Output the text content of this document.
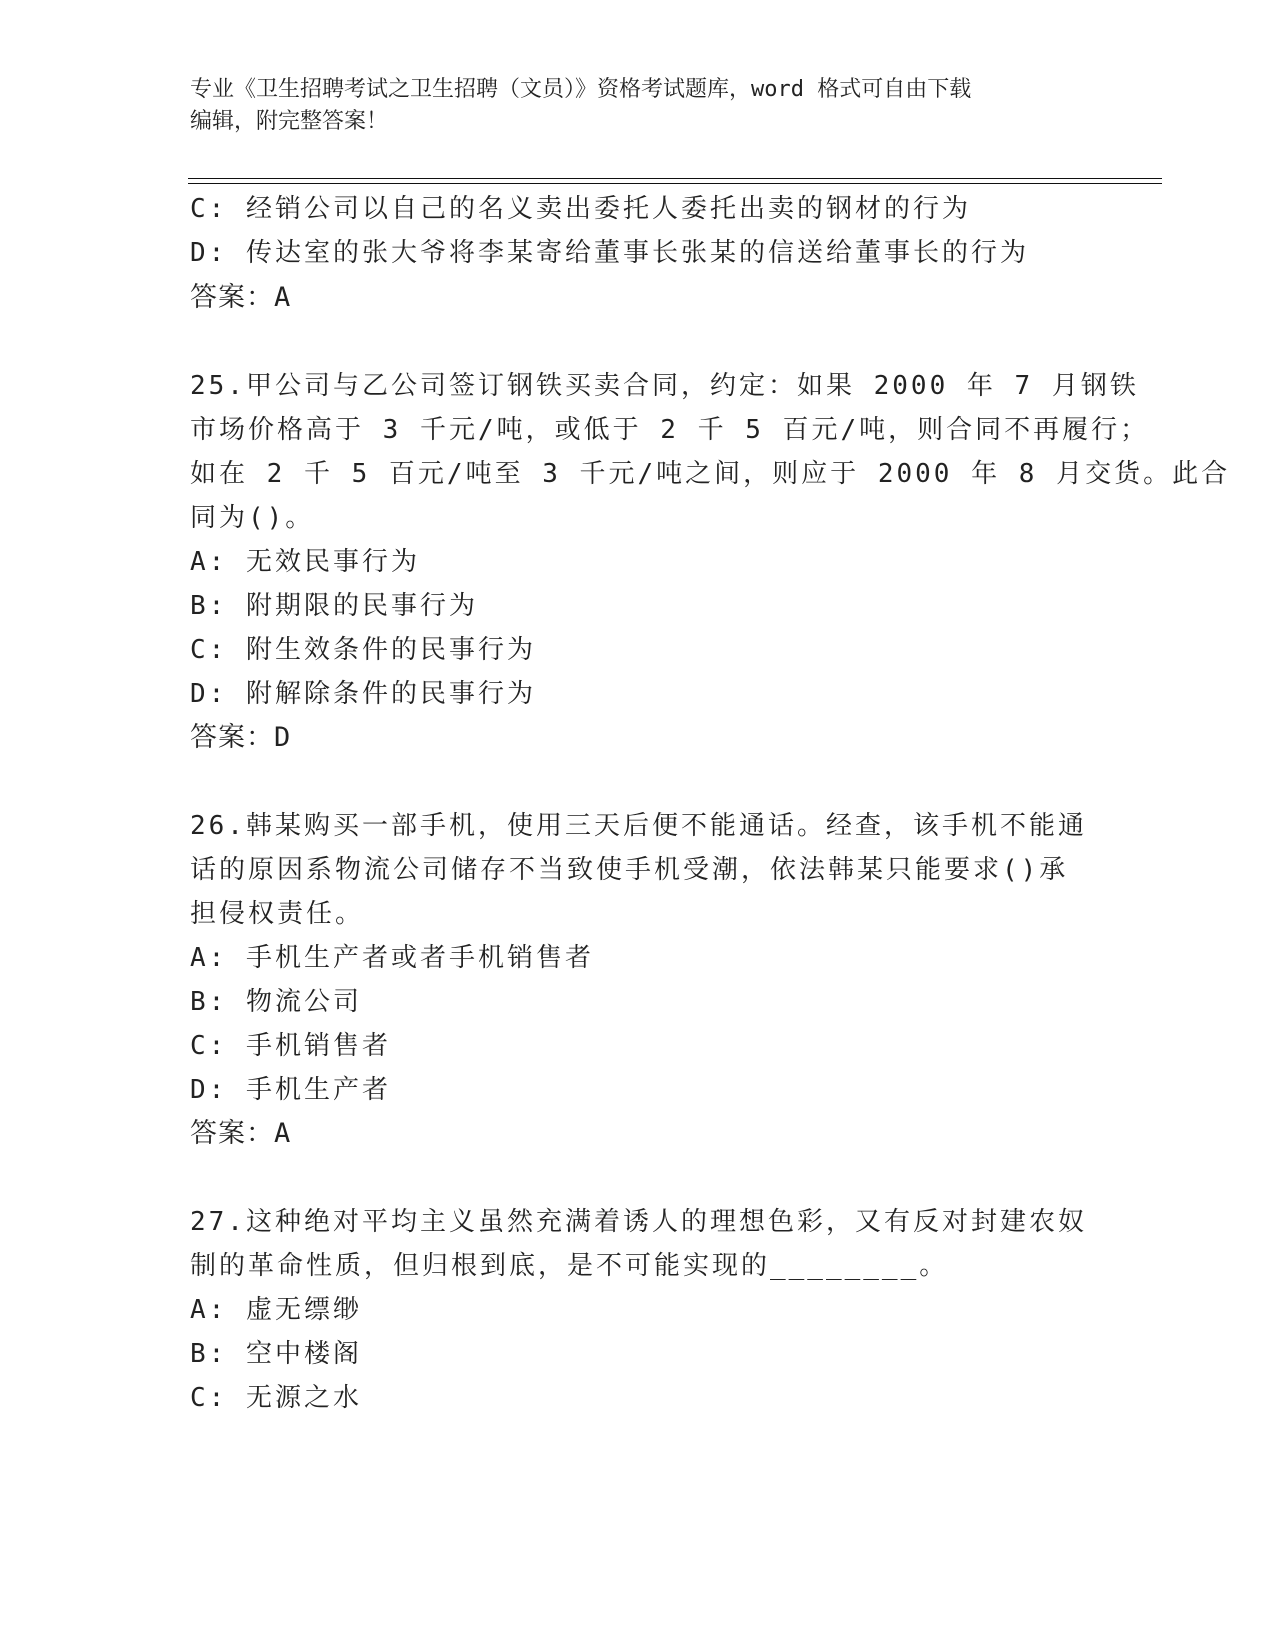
专业《卫生招聘考试之卫生招聘（文员）》资格考试题库，word 格式可自由下载
编辑，附完整答案！
C: 经销公司以自己的名义卖出委托人委托出卖的钢材的行为
D: 传达室的张大爷将李某寄给董事长张某的信送给董事长的行为
答案：A
25.甲公司与乙公司签订钢铁买卖合同，约定：如果 2000 年 7 月钢铁
市场价格高于 3 千元/吨，或低于 2 千 5 百元/吨，则合同不再履行；
如在 2 千 5 百元/吨至 3 千元/吨之间，则应于 2000 年 8 月交货。此合
同为()。
A: 无效民事行为
B: 附期限的民事行为
C: 附生效条件的民事行为
D: 附解除条件的民事行为
答案：D
26.韩某购买一部手机，使用三天后便不能通话。经查，该手机不能通
话的原因系物流公司储存不当致使手机受潮，依法韩某只能要求()承
担侵权责任。
A: 手机生产者或者手机销售者
B: 物流公司
C: 手机销售者
D: 手机生产者
答案：A
27.这种绝对平均主义虽然充满着诱人的理想色彩，又有反对封建农奴
制的革命性质，但归根到底，是不可能实现的________。
A: 虚无缥缈
B: 空中楼阁
C: 无源之水
